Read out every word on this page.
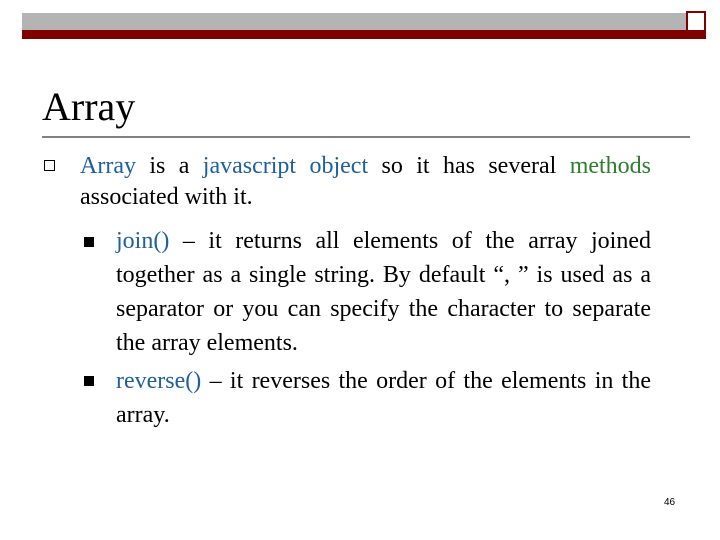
Array
Array is a javascript object so it has several methods associated with it.
join() – it returns all elements of the array joined together as a single string. By default “, ” is used as a separator or you can specify the character to separate the array elements.
reverse() – it reverses the order of the elements in the array.
46
